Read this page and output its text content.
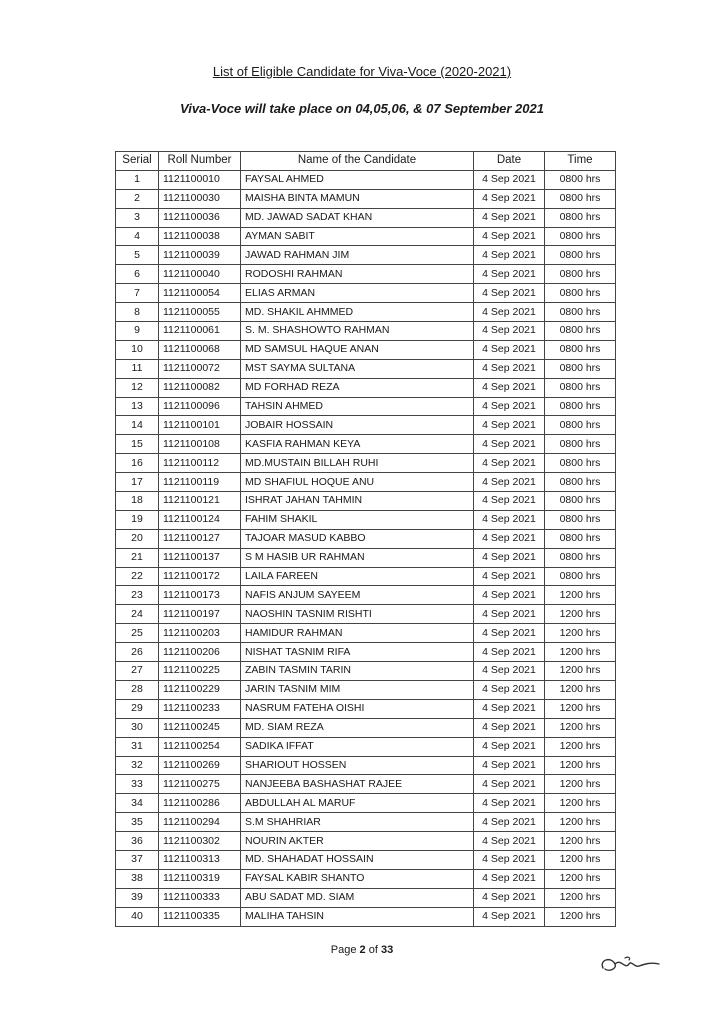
List of Eligible Candidate for Viva-Voce (2020-2021)
Viva-Voce will take place on 04,05,06, & 07 September 2021
Serial	Roll Number	Name of the Candidate	Date	Time
1	1121100010	FAYSAL AHMED	4 Sep 2021	0800 hrs
2	1121100030	MAISHA BINTA MAMUN	4 Sep 2021	0800 hrs
3	1121100036	MD. JAWAD SADAT KHAN	4 Sep 2021	0800 hrs
4	1121100038	AYMAN SABIT	4 Sep 2021	0800 hrs
5	1121100039	JAWAD RAHMAN JIM	4 Sep 2021	0800 hrs
6	1121100040	RODOSHI RAHMAN	4 Sep 2021	0800 hrs
7	1121100054	ELIAS ARMAN	4 Sep 2021	0800 hrs
8	1121100055	MD. SHAKIL AHMMED	4 Sep 2021	0800 hrs
9	1121100061	S. M. SHASHOWTO RAHMAN	4 Sep 2021	0800 hrs
10	1121100068	MD SAMSUL HAQUE ANAN	4 Sep 2021	0800 hrs
11	1121100072	MST SAYMA SULTANA	4 Sep 2021	0800 hrs
12	1121100082	MD FORHAD REZA	4 Sep 2021	0800 hrs
13	1121100096	TAHSIN AHMED	4 Sep 2021	0800 hrs
14	1121100101	JOBAIR HOSSAIN	4 Sep 2021	0800 hrs
15	1121100108	KASFIA RAHMAN KEYA	4 Sep 2021	0800 hrs
16	1121100112	MD.MUSTAIN BILLAH RUHI	4 Sep 2021	0800 hrs
17	1121100119	MD SHAFIUL HOQUE ANU	4 Sep 2021	0800 hrs
18	1121100121	ISHRAT JAHAN TAHMIN	4 Sep 2021	0800 hrs
19	1121100124	FAHIM SHAKIL	4 Sep 2021	0800 hrs
20	1121100127	TAJOAR MASUD KABBO	4 Sep 2021	0800 hrs
21	1121100137	S M HASIB UR RAHMAN	4 Sep 2021	0800 hrs
22	1121100172	LAILA FAREEN	4 Sep 2021	0800 hrs
23	1121100173	NAFIS ANJUM SAYEEM	4 Sep 2021	1200 hrs
24	1121100197	NAOSHIN TASNIM RISHTI	4 Sep 2021	1200 hrs
25	1121100203	HAMIDUR RAHMAN	4 Sep 2021	1200 hrs
26	1121100206	NISHAT TASNIM RIFA	4 Sep 2021	1200 hrs
27	1121100225	ZABIN TASMIN TARIN	4 Sep 2021	1200 hrs
28	1121100229	JARIN TASNIM MIM	4 Sep 2021	1200 hrs
29	1121100233	NASRUM FATEHA OISHI	4 Sep 2021	1200 hrs
30	1121100245	MD. SIAM REZA	4 Sep 2021	1200 hrs
31	1121100254	SADIKA IFFAT	4 Sep 2021	1200 hrs
32	1121100269	SHARIOUT HOSSEN	4 Sep 2021	1200 hrs
33	1121100275	NANJEEBA BASHASHAT RAJEE	4 Sep 2021	1200 hrs
34	1121100286	ABDULLAH AL MARUF	4 Sep 2021	1200 hrs
35	1121100294	S.M SHAHRIAR	4 Sep 2021	1200 hrs
36	1121100302	NOURIN AKTER	4 Sep 2021	1200 hrs
37	1121100313	MD. SHAHADAT HOSSAIN	4 Sep 2021	1200 hrs
38	1121100319	FAYSAL KABIR SHANTO	4 Sep 2021	1200 hrs
39	1121100333	ABU SADAT MD. SIAM	4 Sep 2021	1200 hrs
40	1121100335	MALIHA TAHSIN	4 Sep 2021	1200 hrs
Page 2 of 33
